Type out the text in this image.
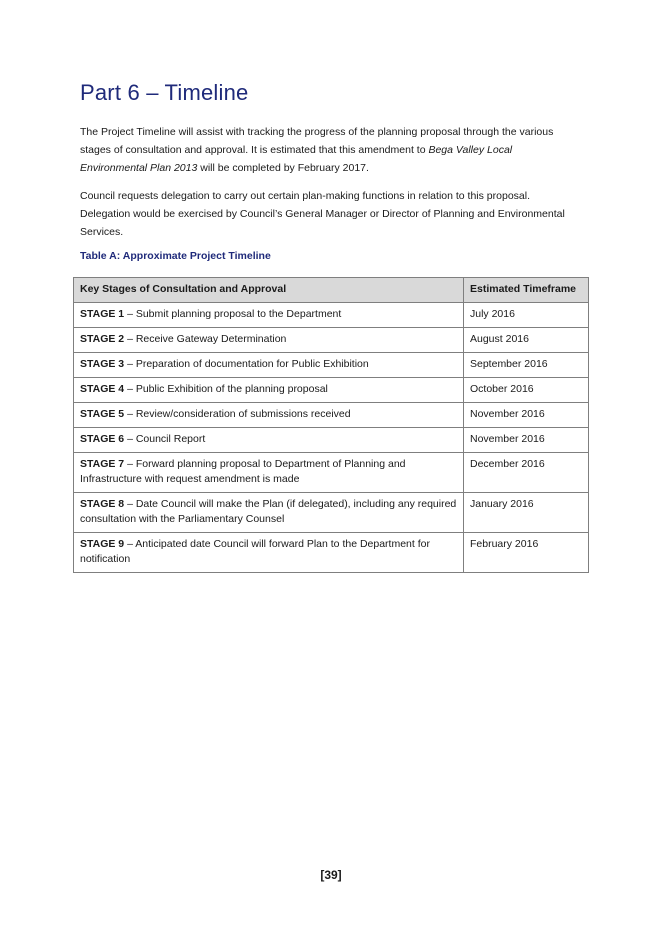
Part 6 – Timeline
The Project Timeline will assist with tracking the progress of the planning proposal through the various stages of consultation and approval. It is estimated that this amendment to Bega Valley Local Environmental Plan 2013 will be completed by February 2017.
Council requests delegation to carry out certain plan-making functions in relation to this proposal. Delegation would be exercised by Council’s General Manager or Director of Planning and Environmental Services.
Table A: Approximate Project Timeline
Key Stages of Consultation and Approval	Estimated Timeframe
STAGE 1 – Submit planning proposal to the Department	July 2016
STAGE 2 – Receive Gateway Determination	August 2016
STAGE 3 – Preparation of documentation for Public Exhibition	September 2016
STAGE 4 – Public Exhibition of the planning proposal	October 2016
STAGE 5 – Review/consideration of submissions received	November 2016
STAGE 6 – Council Report	November 2016
STAGE 7 – Forward planning proposal to Department of Planning and Infrastructure with request amendment is made	December 2016
STAGE 8 – Date Council will make the Plan (if delegated), including any required consultation with the Parliamentary Counsel	January 2016
STAGE 9 – Anticipated date Council will forward Plan to the Department for notification	February 2016
[39]
